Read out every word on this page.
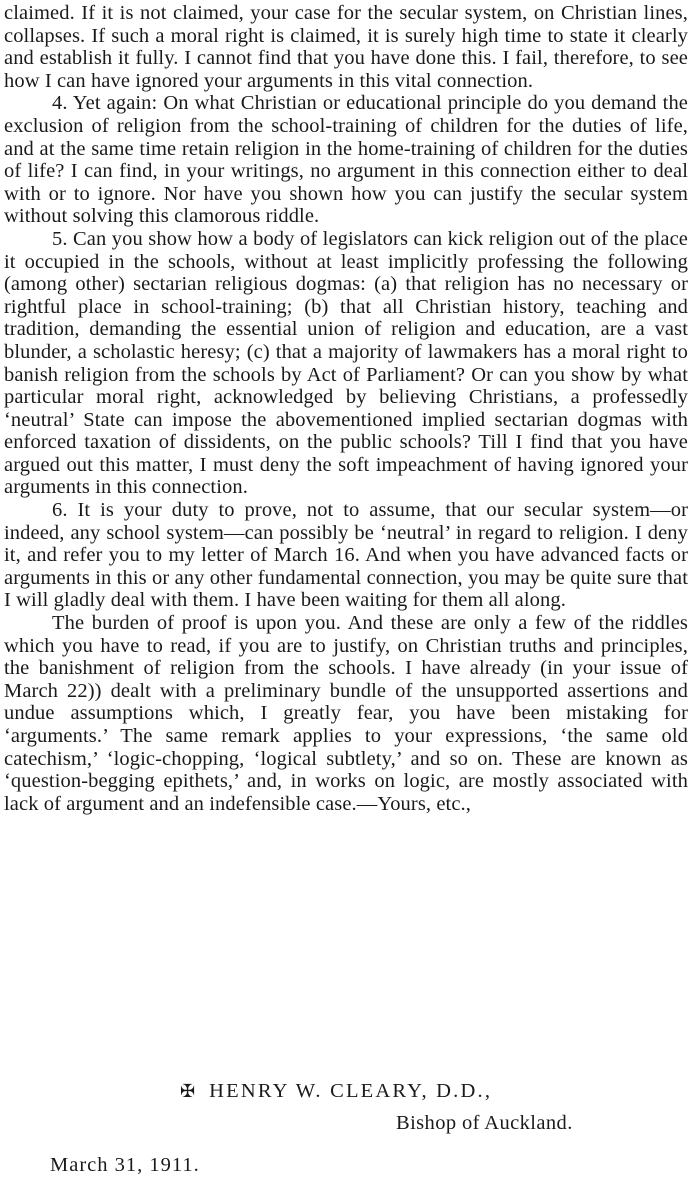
claimed. If it is not claimed, your case for the secular system, on Christian lines, collapses. If such a moral right is claimed, it is surely high time to state it clearly and establish it fully. I cannot find that you have done this. I fail, therefore, to see how I can have ignored your arguments in this vital connection.

4. Yet again: On what Christian or educational principle do you demand the exclusion of religion from the school-training of children for the duties of life, and at the same time retain religion in the home-training of children for the duties of life? I can find, in your writings, no argument in this connection either to deal with or to ignore. Nor have you shown how you can justify the secular system without solving this clamorous riddle.

5. Can you show how a body of legislators can kick religion out of the place it occupied in the schools, without at least implicitly professing the following (among other) sectarian religious dogmas: (a) that religion has no necessary or rightful place in school-training; (b) that all Christian history, teaching and tradition, demanding the essential union of religion and education, are a vast blunder, a scholastic heresy; (c) that a majority of lawmakers has a moral right to banish religion from the schools by Act of Parliament? Or can you show by what particular moral right, acknowledged by believing Christians, a professedly ‘neutral’ State can impose the abovementioned implied sectarian dogmas with enforced taxation of dissidents, on the public schools? Till I find that you have argued out this matter, I must deny the soft impeachment of having ignored your arguments in this connection.

6. It is your duty to prove, not to assume, that our secular system—or indeed, any school system—can possibly be ‘neutral’ in regard to religion. I deny it, and refer you to my letter of March 16. And when you have advanced facts or arguments in this or any other fundamental connection, you may be quite sure that I will gladly deal with them. I have been waiting for them all along.

The burden of proof is upon you. And these are only a few of the riddles which you have to read, if you are to justify, on Christian truths and principles, the banishment of religion from the schools. I have already (in your issue of March 22)) dealt with a preliminary bundle of the unsupported assertions and undue assumptions which, I greatly fear, you have been mistaking for ‘arguments.’ The same remark applies to your expressions, ‘the same old catechism,’ ‘logic-chopping, ‘logical subtlety,’ and so on. These are known as ‘question-begging epithets,’ and, in works on logic, are mostly associated with lack of argument and an indefensible case.—Yours, etc.,

✠ HENRY W. CLEARY, D.D.,
Bishop of Auckland.
March 31, 1911.
